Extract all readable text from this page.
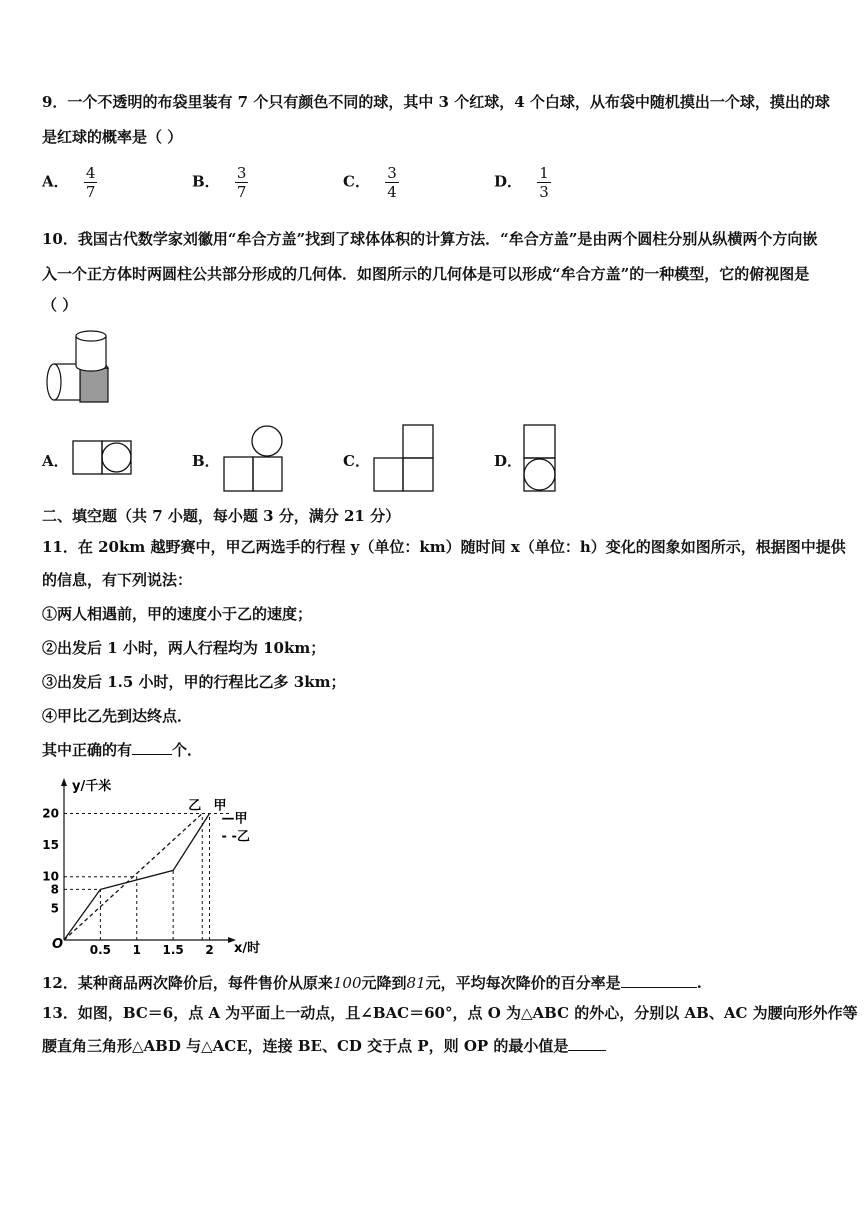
9．一个不透明的布袋里装有 7 个只有颜色不同的球，其中 3 个红球，4 个白球，从布袋中随机摸出一个球，摸出的球
是红球的概率是（ ）
A． $\frac{4}{7}$	B． $\frac{3}{7}$	C． $\frac{3}{4}$	D． $\frac{1}{3}$
10．我国古代数学家刘徽用“牟合方盖”找到了球体体积的计算方法．“牟合方盖”是由两个圆柱分别从纵横两个方向嵌
入一个正方体时两圆柱公共部分形成的几何体．如图所示的几何体是可以形成“牟合方盖”的一种模型，它的俯视图是
（ ）
A．	B．	C．	D．
二、填空题（共 7 小题，每小题 3 分，满分 21 分）
11．在 20km 越野赛中，甲乙两选手的行程 y（单位：km）随时间 x（单位：h）变化的图象如图所示，根据图中提供
的信息，有下列说法：
①两人相遇前，甲的速度小于乙的速度；
②出发后 1 小时，两人行程均为 10km；
③出发后 1.5 小时，甲的行程比乙多 3km；
④甲比乙先到达终点．
其中正确的有	个．
y/千米
x/时
O 0.5 1 1.5 2
5
8
10
15
20	乙 甲
—甲
- -乙
12．某种商品两次降价后，每件售价从原来100元降到81元，平均每次降价的百分率是	.
13．如图，BC＝6，点 A 为平面上一动点，且∠BAC＝60°，点 O 为△ABC 的外心，分别以 AB、AC 为腰向形外作等
腰直角三角形△ABD 与△ACE，连接 BE、CD 交于点 P，则 OP 的最小值是
